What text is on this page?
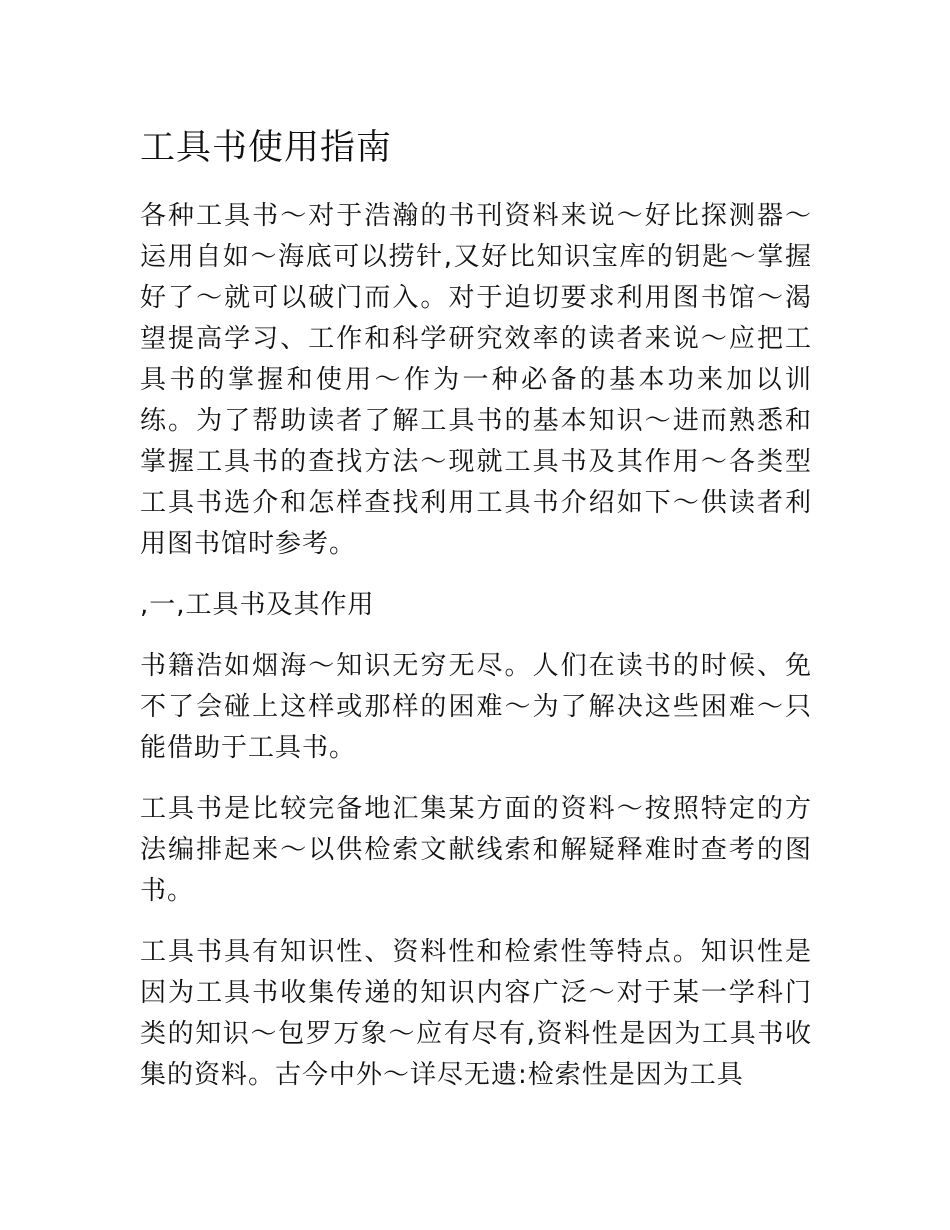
工具书使用指南

各种工具书～对于浩瀚的书刊资料来说～好比探测器～运用自如～海底可以捞针,又好比知识宝库的钥匙～掌握好了～就可以破门而入。对于迫切要求利用图书馆～渴望提高学习、工作和科学研究效率的读者来说～应把工具书的掌握和使用～作为一种必备的基本功来加以训练。为了帮助读者了解工具书的基本知识～进而熟悉和掌握工具书的查找方法～现就工具书及其作用～各类型工具书选介和怎样查找利用工具书介绍如下～供读者利用图书馆时参考。

,一,工具书及其作用

书籍浩如烟海～知识无穷无尽。人们在读书的时候、免不了会碰上这样或那样的困难～为了解决这些困难～只能借助于工具书。

工具书是比较完备地汇集某方面的资料～按照特定的方法编排起来～以供检索文献线索和解疑释难时查考的图书。

工具书具有知识性、资料性和检索性等特点。知识性是因为工具书收集传递的知识内容广泛～对于某一学科门类的知识～包罗万象～应有尽有,资料性是因为工具书收集的资料。古今中外～详尽无遗:检索性是因为工具
